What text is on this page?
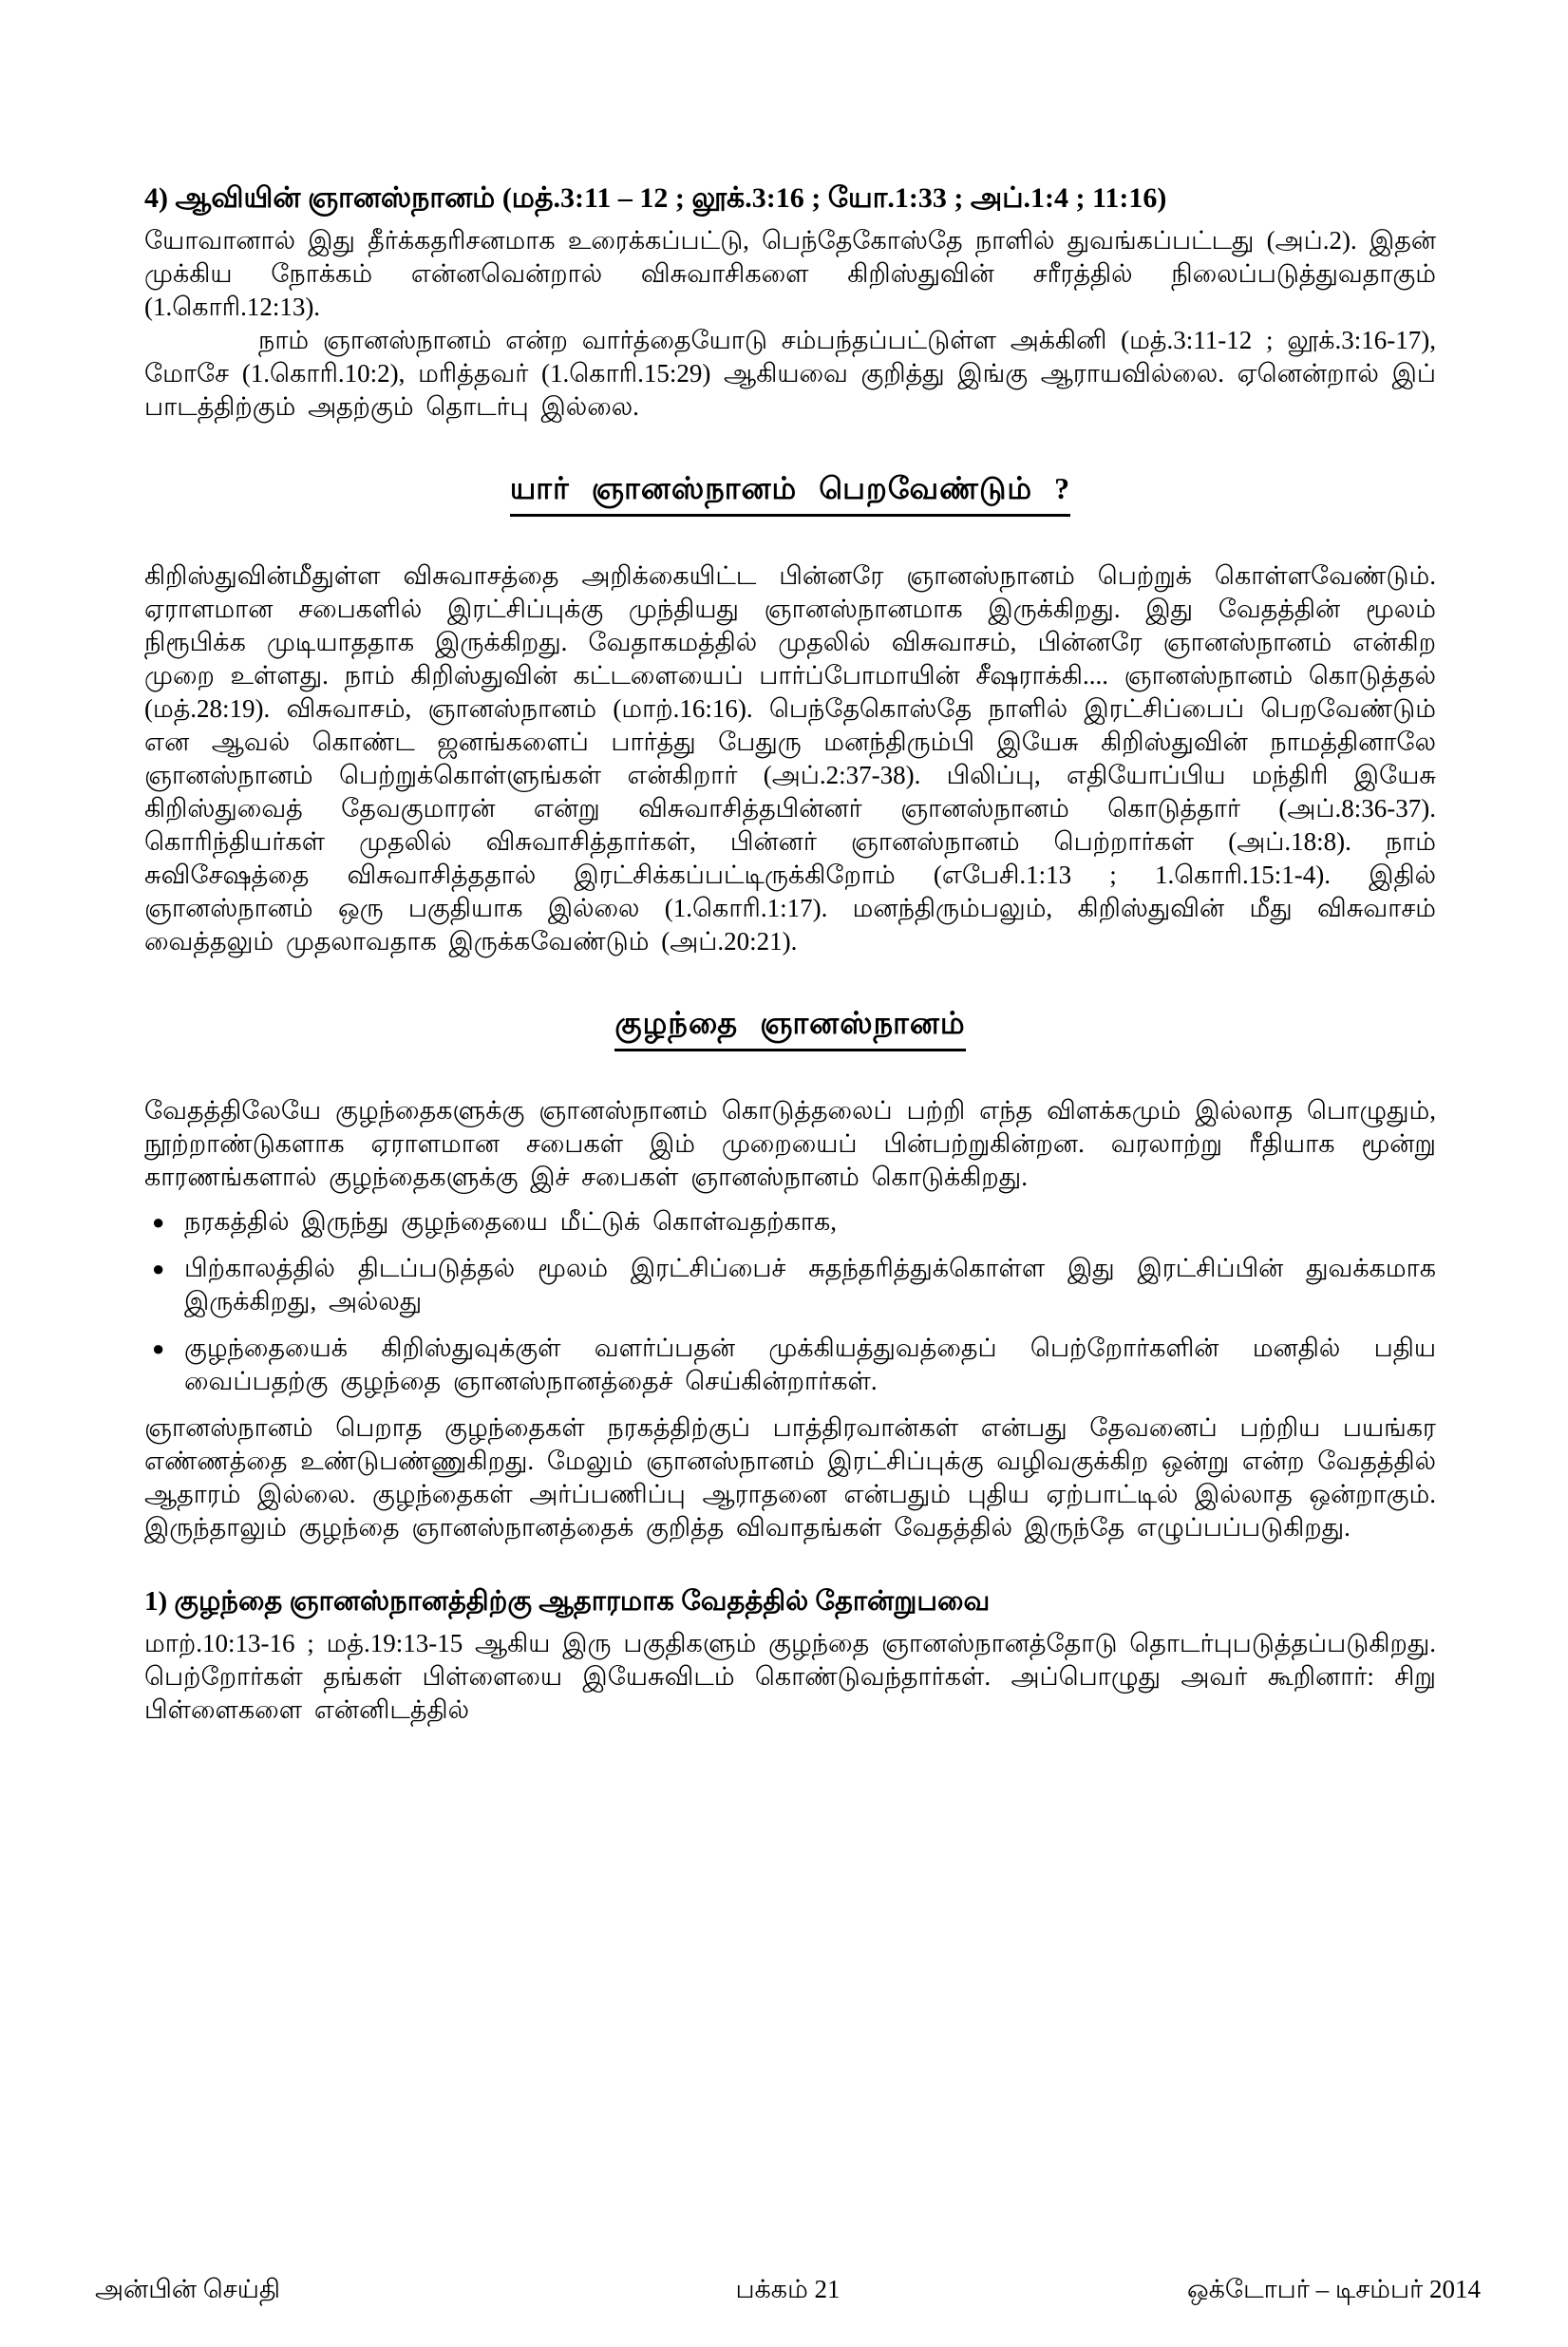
4) ஆவியின் ஞானஸ்நானம் (மத்.3:11 – 12 ; லூக்.3:16 ; யோ.1:33 ; அப்.1:4 ; 11:16)

யோவானால் இது தீர்க்கதரிசனமாக உரைக்கப்பட்டு, பெந்தேகோஸ்தே நாளில் துவங்கப்பட்டது (அப்.2). இதன் முக்கிய நோக்கம் என்னவென்றால் விசுவாசிகளை கிறிஸ்துவின் சரீரத்தில் நிலைப்படுத்துவதாகும் (1.கொரி.12:13).

நாம் ஞானஸ்நானம் என்ற வார்த்தையோடு சம்பந்தப்பட்டுள்ள அக்கினி (மத்.3:11-12 ; லூக்.3:16-17), மோசே (1.கொரி.10:2), மரித்தவர் (1.கொரி.15:29) ஆகியவை குறித்து இங்கு ஆராயவில்லை. ஏனென்றால் இப் பாடத்திற்கும் அதற்கும் தொடர்பு இல்லை.

யார் ஞானஸ்நானம் பெறவேண்டும் ?

கிறிஸ்துவின்மீதுள்ள விசுவாசத்தை அறிக்கையிட்ட பின்னரே ஞானஸ்நானம் பெற்றுக் கொள்ளவேண்டும். ஏராளமான சபைகளில் இரட்சிப்புக்கு முந்தியது ஞானஸ்நானமாக இருக்கிறது. இது வேதத்தின் மூலம் நிரூபிக்க முடியாததாக இருக்கிறது. வேதாகமத்தில் முதலில் விசுவாசம், பின்னரே ஞானஸ்நானம் என்கிற முறை உள்ளது. நாம் கிறிஸ்துவின் கட்டளையைப் பார்ப்போமாயின் சீஷராக்கி.... ஞானஸ்நானம் கொடுத்தல் (மத்.28:19). விசுவாசம், ஞானஸ்நானம் (மாற்.16:16). பெந்தேகொஸ்தே நாளில் இரட்சிப்பைப் பெறவேண்டும் என ஆவல் கொண்ட ஜனங்களைப் பார்த்து பேதுரு மனந்திரும்பி இயேசு கிறிஸ்துவின் நாமத்தினாலே ஞானஸ்நானம் பெற்றுக்கொள்ளுங்கள் என்கிறார் (அப்.2:37-38). பிலிப்பு, எதியோப்பிய மந்திரி இயேசு கிறிஸ்துவைத் தேவகுமாரன் என்று விசுவாசித்தபின்னர் ஞானஸ்நானம் கொடுத்தார் (அப்.8:36-37). கொரிந்தியர்கள் முதலில் விசுவாசித்தார்கள், பின்னர் ஞானஸ்நானம் பெற்றார்கள் (அப்.18:8). நாம் சுவிசேஷத்தை விசுவாசித்ததால் இரட்சிக்கப்பட்டிருக்கிறோம் (எபேசி.1:13 ; 1.கொரி.15:1-4). இதில் ஞானஸ்நானம் ஒரு பகுதியாக இல்லை (1.கொரி.1:17). மனந்திரும்பலும், கிறிஸ்துவின் மீது விசுவாசம் வைத்தலும் முதலாவதாக இருக்கவேண்டும் (அப்.20:21).

குழந்தை ஞானஸ்நானம்

வேதத்திலேயே குழந்தைகளுக்கு ஞானஸ்நானம் கொடுத்தலைப் பற்றி எந்த விளக்கமும் இல்லாத பொழுதும், நூற்றாண்டுகளாக ஏராளமான சபைகள் இம் முறையைப் பின்பற்றுகின்றன. வரலாற்று ரீதியாக மூன்று காரணங்களால் குழந்தைகளுக்கு இச் சபைகள் ஞானஸ்நானம் கொடுக்கிறது.

● நரகத்தில் இருந்து குழந்தையை மீட்டுக் கொள்வதற்காக,
● பிற்காலத்தில் திடப்படுத்தல் மூலம் இரட்சிப்பைச் சுதந்தரித்துக்கொள்ள இது இரட்சிப்பின் துவக்கமாக இருக்கிறது, அல்லது
● குழந்தையைக் கிறிஸ்துவுக்குள் வளர்ப்பதன் முக்கியத்துவத்தைப் பெற்றோர்களின் மனதில் பதிய வைப்பதற்கு குழந்தை ஞானஸ்நானத்தைச் செய்கின்றார்கள்.

ஞானஸ்நானம் பெறாத குழந்தைகள் நரகத்திற்குப் பாத்திரவான்கள் என்பது தேவனைப் பற்றிய பயங்கர எண்ணத்தை உண்டுபண்ணுகிறது. மேலும் ஞானஸ்நானம் இரட்சிப்புக்கு வழிவகுக்கிற ஒன்று என்ற வேதத்தில் ஆதாரம் இல்லை. குழந்தைகள் அர்ப்பணிப்பு ஆராதனை என்பதும் புதிய ஏற்பாட்டில் இல்லாத ஒன்றாகும். இருந்தாலும் குழந்தை ஞானஸ்நானத்தைக் குறித்த விவாதங்கள் வேதத்தில் இருந்தே எழுப்பப்படுகிறது.

1) குழந்தை ஞானஸ்நானத்திற்கு ஆதாரமாக வேதத்தில் தோன்றுபவை

மாற்.10:13-16 ; மத்.19:13-15 ஆகிய இரு பகுதிகளும் குழந்தை ஞானஸ்நானத்தோடு தொடர்புபடுத்தப்படுகிறது. பெற்றோர்கள் தங்கள் பிள்ளையை இயேசுவிடம் கொண்டுவந்தார்கள். அப்பொழுது அவர் கூறினார்: சிறு பிள்ளைகளை என்னிடத்தில்

அன்பின் செய்தி	பக்கம் 21	ஒக்டோபர் – டிசம்பர் 2014
